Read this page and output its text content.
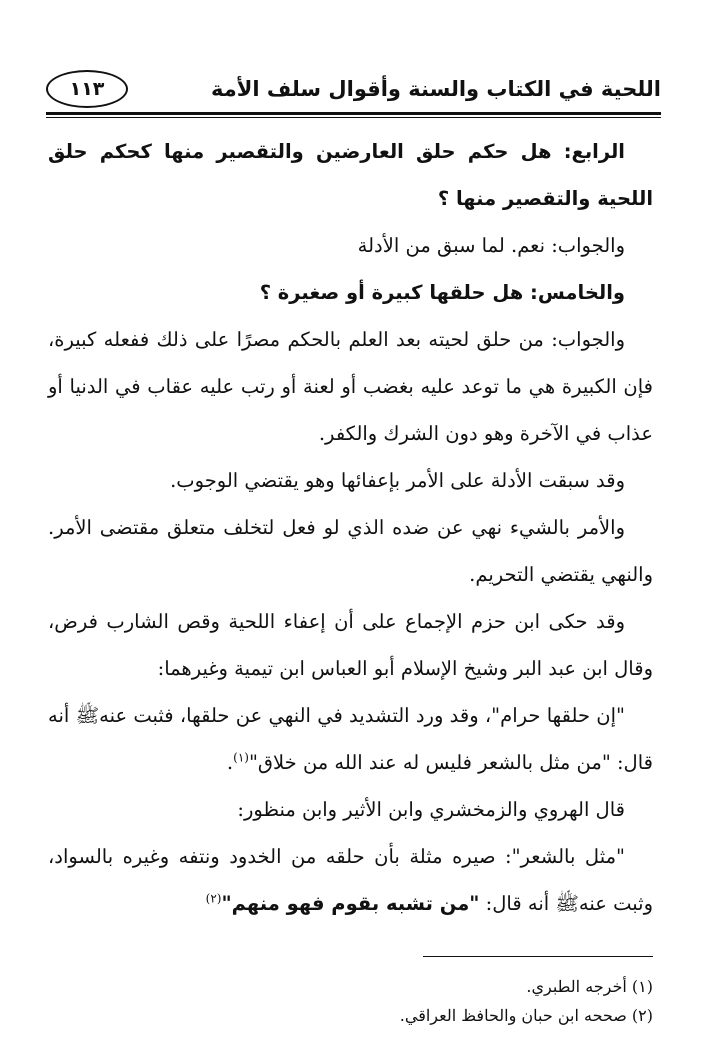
اللحية في الكتاب والسنة وأقوال سلف الأمة
١١٣

الرابع: هل حكم حلق العارضين والتقصير منها كحكم حلق اللحية والتقصير منها ؟

والجواب: نعم. لما سبق من الأدلة

والخامس: هل حلقها كبيرة أو صغيرة ؟

والجواب: من حلق لحيته بعد العلم بالحكم مصرًا على ذلك ففعله كبيرة، فإن الكبيرة هي ما توعد عليه بغضب أو لعنة أو رتب عليه عقاب في الدنيا أو عذاب في الآخرة وهو دون الشرك والكفر.

وقد سبقت الأدلة على الأمر بإعفائها وهو يقتضي الوجوب.

والأمر بالشيء نهي عن ضده الذي لو فعل لتخلف متعلق مقتضى الأمر. والنهي يقتضي التحريم.

وقد حكى ابن حزم الإجماع على أن إعفاء اللحية وقص الشارب فرض، وقال ابن عبد البر وشيخ الإسلام أبو العباس ابن تيمية وغيرهما:

"إن حلقها حرام"، وقد ورد التشديد في النهي عن حلقها، فثبت عنهﷺ أنه قال: "من مثل بالشعر فليس له عند الله من خلاق"$^{(١)}$.

قال الهروي والزمخشري وابن الأثير وابن منظور:

"مثل بالشعر": صيره مثلة بأن حلقه من الخدود ونتفه وغيره بالسواد، وثبت عنهﷺ أنه قال: "من تشبه بقوم فهو منهم"$^{(٢)}$

(١) أخرجه الطبري.

(٢) صححه ابن حبان والحافظ العراقي.
